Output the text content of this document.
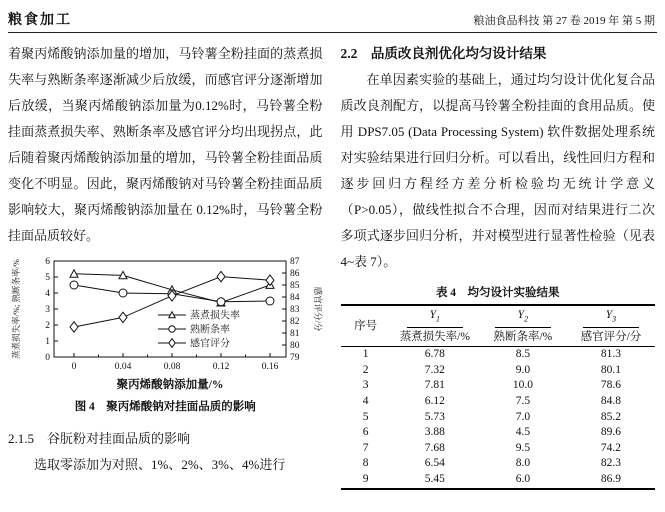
粮食加工	粮油食品科技 第 27 卷 2019 年 第 5 期

着聚丙烯酸钠添加量的增加，马铃薯全粉挂面的蒸煮损失率与熟断条率逐渐减少后放缓，而感官评分逐渐增加后放缓，当聚丙烯酸钠添加量为0.12%时，马铃薯全粉挂面蒸煮损失率、熟断条率及感官评分均出现拐点，此后随着聚丙烯酸钠添加量的增加，马铃薯全粉挂面品质变化不明显。因此，聚丙烯酸钠对马铃薯全粉挂面品质影响较大，聚丙烯酸钠添加量在 0.12%时，马铃薯全粉挂面品质较好。

0
1
2
3
4
5
6
79
80
81
82
83
84
85
86
87
0	0.04	0.08	0.12	0.16
蒸煮损失率
熟断条率
感官评分
聚丙烯酸钠添加量/%
蒸煮损失率/%; 熟断条率/%	感官评分/分
图 4　聚丙烯酸钠对挂面品质的影响
2.1.5　谷朊粉对挂面品质的影响

选取零添加为对照、1%、2%、3%、4%进行

2.2　品质改良剂优化均匀设计结果

在单因素实验的基础上，通过均匀设计优化复合品质改良剂配方，以提高马铃薯全粉挂面的食用品质。使用 DPS7.05 (Data Processing System) 软件数据处理系统对实验结果进行回归分析。可以看出，线性回归方程和逐步回归方程经方差分析检验均无统计学意义（P>0.05），做线性拟合不合理，因而对结果进行二次多项式逐步回归分析，并对模型进行显著性检验（见表 4~表 7）。

表 4　均匀设计实验结果
序号	$Y_1$	$Y_2$	$Y_3$

	蒸煮损失率/%	熟断条率/%	感官评分/分
1	6.78	8.5	81.3
2	7.32	9.0	80.1
3	7.81	10.0	78.6
4	6.12	7.5	84.8
5	5.73	7.0	85.2
6	3.88	4.5	89.6
7	7.68	9.5	74.2
8	6.54	8.0	82.3
9	5.45	6.0	86.9
